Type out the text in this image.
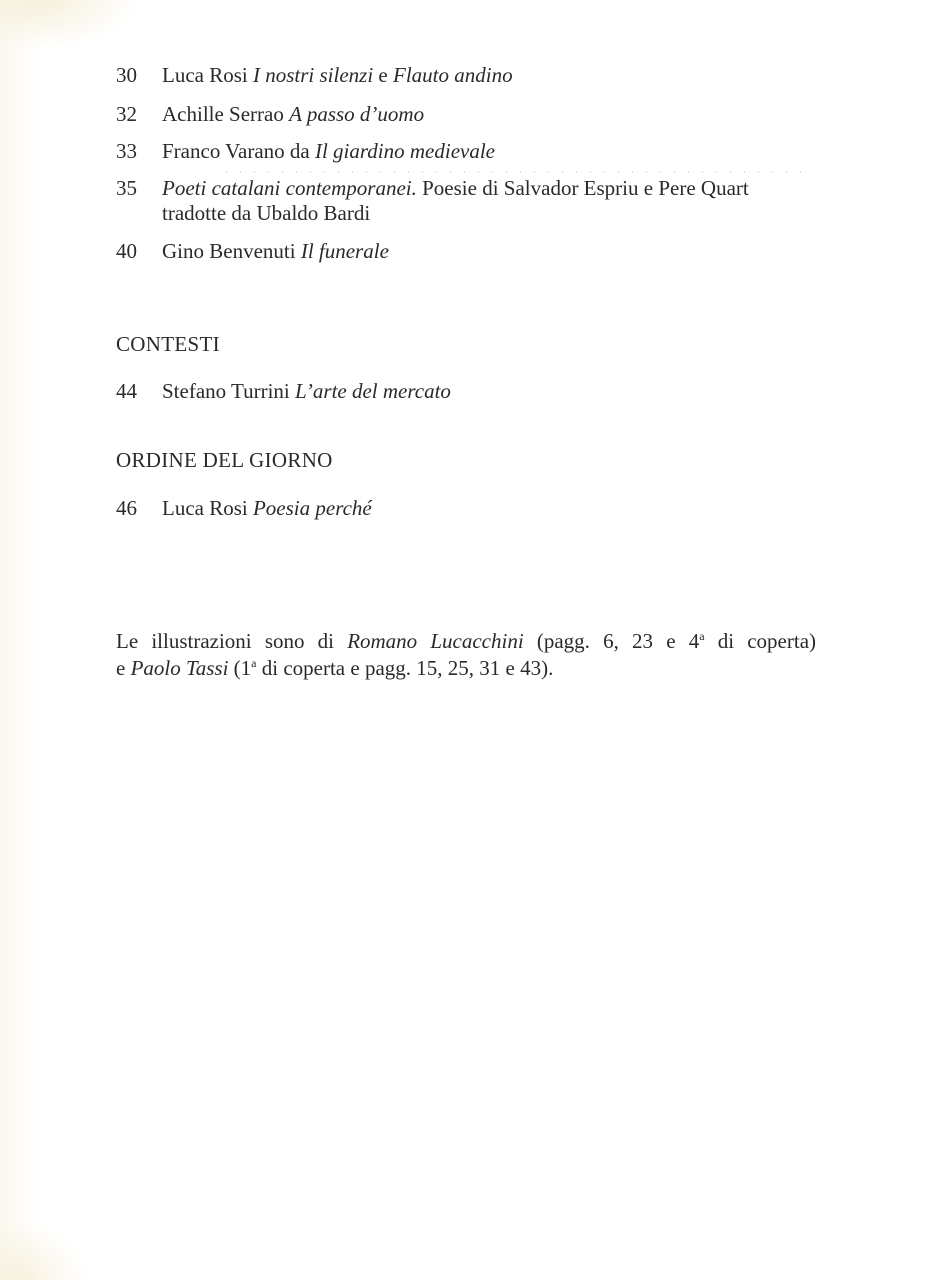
30	Luca Rosi I nostri silenzi e Flauto andino
32	Achille Serrao A passo d’uomo
33	Franco Varano da Il giardino medievale
35	Poeti catalani contemporanei. Poesie di Salvador Espriu e Pere Quart
tradotte da Ubaldo Bardi
40	Gino Benvenuti Il funerale
CONTESTI
44	Stefano Turrini L’arte del mercato
ORDINE DEL GIORNO
46	Luca Rosi Poesia perché
Le illustrazioni sono di Romano Lucacchini (pagg. 6, 23 e 4$^a$ di coperta)
e Paolo Tassi (1$^a$ di coperta e pagg. 15, 25, 31 e 43).
